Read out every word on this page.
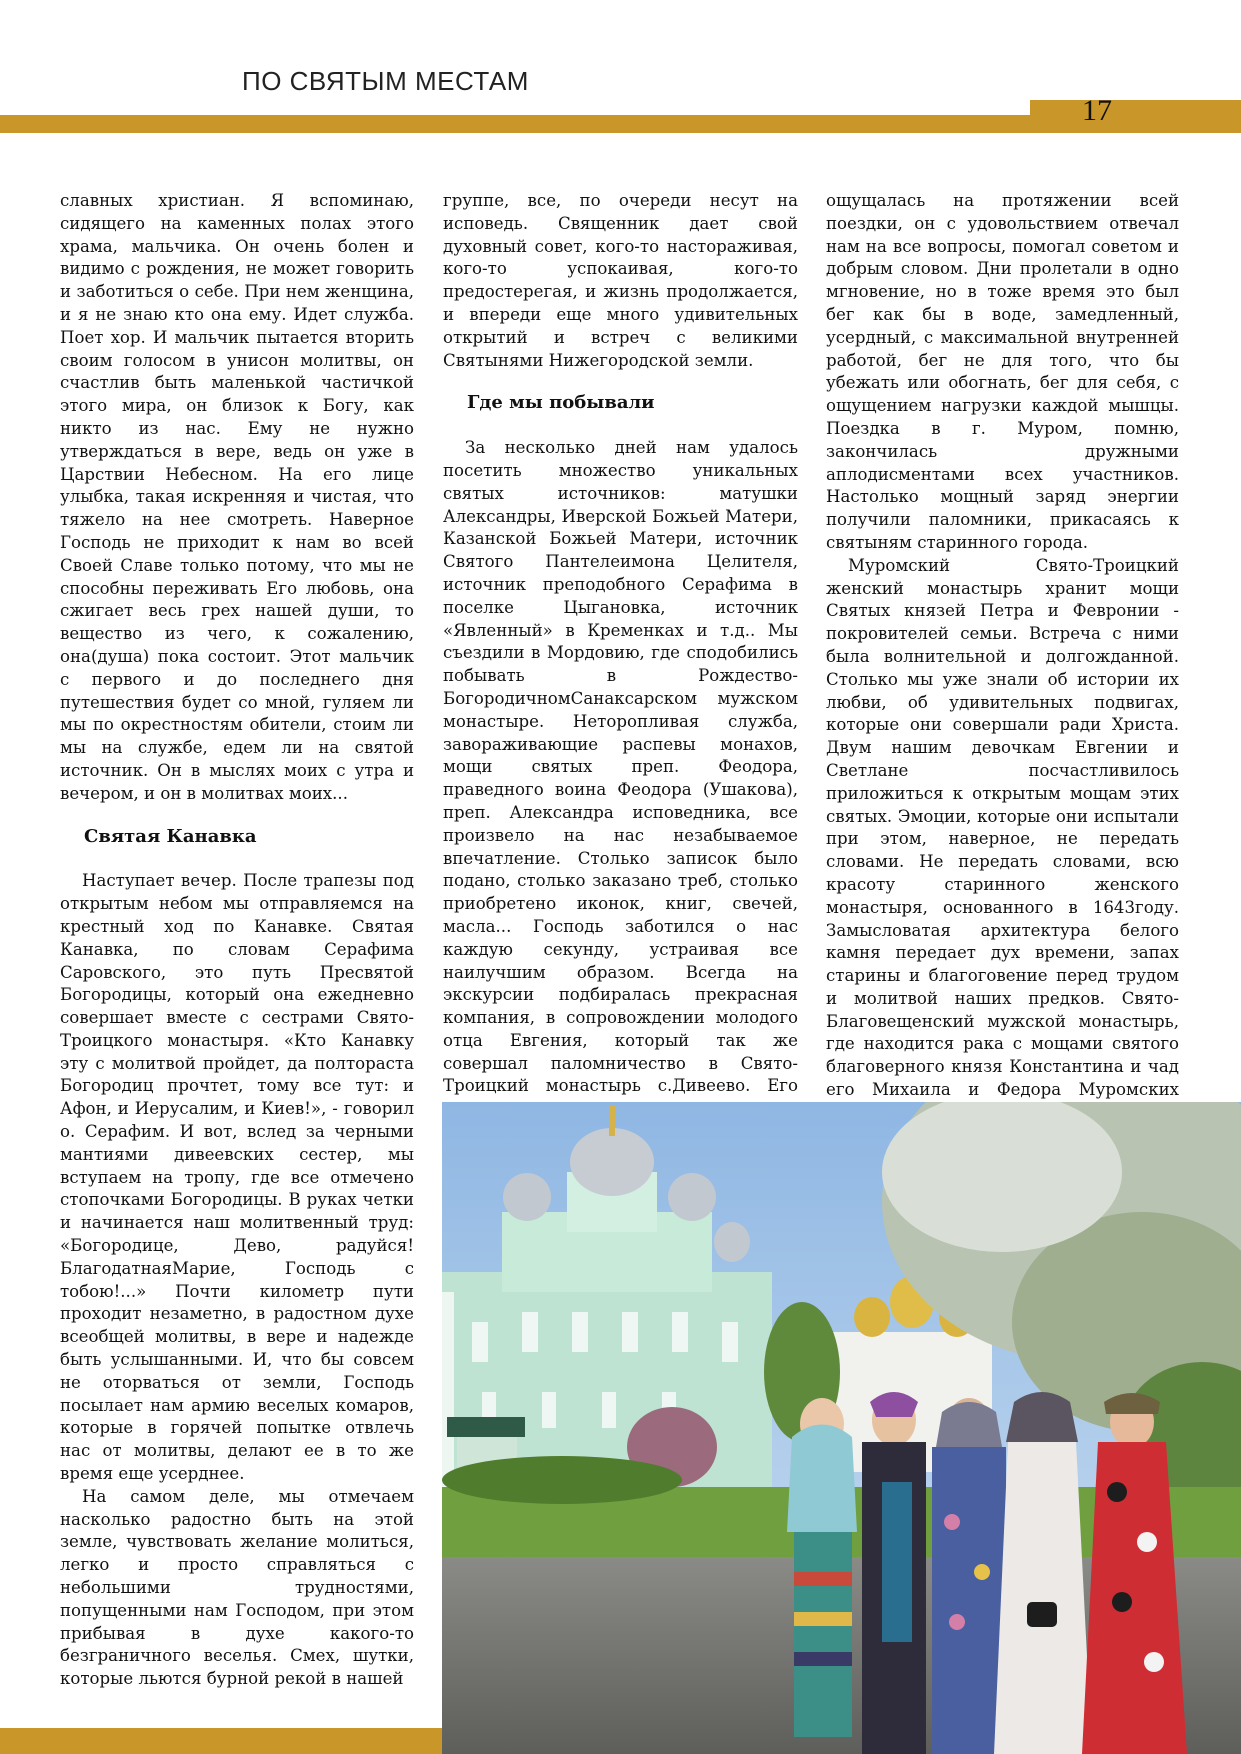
ПО СВЯТЫМ МЕСТАМ
17

славных христиан. Я вспоминаю, сидящего на каменных полах этого храма, мальчика. Он очень болен и видимо с рождения, не может говорить и заботиться о себе. При нем женщина, и я не знаю кто она ему. Идет служба. Поет хор. И мальчик пытается вторить своим голосом в унисон молитвы, он счастлив быть маленькой частичкой этого мира, он близок к Богу, как никто из нас. Ему не нужно утверждаться в вере, ведь он уже в Царствии Небесном. На его лице улыбка, такая искренняя и чистая, что тяжело на нее смотреть. Наверное Господь не приходит к нам во всей Своей Славе только потому, что мы не способны переживать Его любовь, она сжигает весь грех нашей души, то вещество из чего, к сожалению, она(душа) пока состоит. Этот мальчик с первого и до последнего дня путешествия будет со мной, гуляем ли мы по окрестностям обители, стоим ли мы на службе, едем ли на святой источник. Он в мыслях моих с утра и вечером, и он в молитвах моих...

Святая Канавка

Наступает вечер. После трапезы под открытым небом мы отправляемся на крестный ход по Канавке. Святая Канавка, по словам Серафима Саровского, это путь Пресвятой Богородицы, который она ежедневно совершает вместе с сестрами Свято-Троицкого монастыря. «Кто Канавку эту с молитвой пройдет, да полтораста Богородиц прочтет, тому все тут: и Афон, и Иерусалим, и Киев!», - говорил о. Серафим. И вот, вслед за черными мантиями дивеевских сестер, мы вступаем на тропу, где все отмечено стопочками Богородицы. В руках четки и начинается наш молитвенный труд: «Богородице, Дево, радуйся! БлагодатнаяМарие, Господь с тобою!...» Почти километр пути проходит незаметно, в радостном духе всеобщей молитвы, в вере и надежде быть услышанными. И, что бы совсем не оторваться от земли, Господь посылает нам армию веселых комаров, которые в горячей попытке отвлечь нас от молитвы, делают ее в то же время еще усерднее.

На самом деле, мы отмечаем насколько радостно быть на этой земле, чувствовать желание молиться, легко и просто справляться с небольшими трудностями, попущенными нам Господом, при этом прибывая в духе какого-то безграничного веселья. Смех, шутки, которые льются бурной рекой в нашей

группе, все, по очереди несут на исповедь. Священник дает свой духовный совет, кого-то настораживая, кого-то успокаивая, кого-то предостерегая, и жизнь продолжается, и впереди еще много удивительных открытий и встреч с великими Святынями Нижегородской земли.

Где мы побывали

За несколько дней нам удалось посетить множество уникальных святых источников: матушки Александры, Иверской Божьей Матери, Казанской Божьей Матери, источник Святого Пантелеимона Целителя, источник преподобного Серафима в поселке Цыгановка, источник «Явленный» в Кременках и т.д.. Мы съездили в Мордовию, где сподобились побывать в Рождество-БогородичномСанаксарском мужском монастыре. Неторопливая служба, завораживающие распевы монахов, мощи святых преп. Феодора, праведного воина Феодора (Ушакова), преп. Александра исповедника, все произвело на нас незабываемое впечатление. Столько записок было подано, столько заказано треб, столько приобретено иконок, книг, свечей, масла... Господь заботился о нас каждую секунду, устраивая все наилучшим образом. Всегда на экскурсии подбиралась прекрасная компания, в сопровождении молодого отца Евгения, который так же совершал паломничество в Свято-Троицкий монастырь с.Дивеево. Его

ощущалась на протяжении всей поездки, он с удовольствием отвечал нам на все вопросы, помогал советом и добрым словом. Дни пролетали в одно мгновение, но в тоже время это был бег как бы в воде, замедленный, усердный, с максимальной внутренней работой, бег не для того, что бы убежать или обогнать, бег для себя, с ощущением нагрузки каждой мышцы. Поездка в г. Муром, помню, закончилась дружными аплодисментами всех участников. Настолько мощный заряд энергии получили паломники, прикасаясь к святыням старинного города.

Муромский Свято-Троицкий женский монастырь хранит мощи Святых князей Петра и Февронии - покровителей семьи. Встреча с ними была волнительной и долгожданной. Столько мы уже знали об истории их любви, об удивительных подвигах, которые они совершали ради Христа. Двум нашим девочкам Евгении и Светлане посчастливилось приложиться к открытым мощам этих святых. Эмоции, которые они испытали при этом, наверное, не передать словами. Не передать словами, всю красоту старинного женского монастыря, основанного в 1643году. Замысловатая архитектура белого камня передает дух времени, запах старины и благоговение перед трудом и молитвой наших предков. Свято-Благовещенский мужской монастырь, где находится рака с мощами святого благоверного князя Константина и чад его Михаила и Федора Муромских
